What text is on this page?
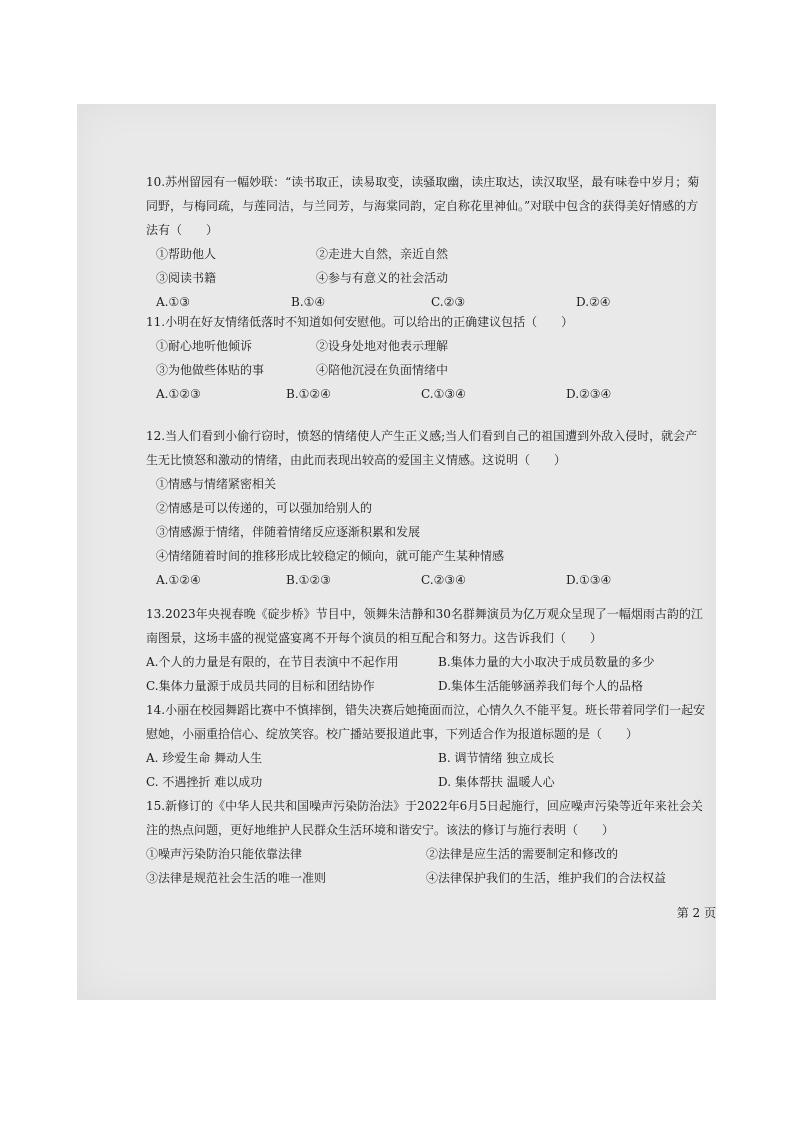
10.苏州留园有一幅妙联：“读书取正，读易取变，读骚取幽，读庄取达，读汉取坚，最有味卷中岁月；菊同野，与梅同疏，与莲同洁，与兰同芳，与海棠同韵，定自称花里神仙。”对联中包含的获得美好情感的方法有（　　）
①帮助他人	②走进大自然，亲近自然
③阅读书籍	④参与有意义的社会活动
A.①③	B.①④	C.②③	D.②④
11.小明在好友情绪低落时不知道如何安慰他。可以给出的正确建议包括（　　）
①耐心地听他倾诉	②设身处地对他表示理解
③为他做些体贴的事	④陪他沉浸在负面情绪中
A.①②③	B.①②④	C.①③④	D.②③④
12.当人们看到小偷行窃时，愤怒的情绪使人产生正义感;当人们看到自己的祖国遭到外敌入侵时，就会产生无比愤怒和激动的情绪，由此而表现出较高的爱国主义情感。这说明（　　）
①情感与情绪紧密相关
②情感是可以传递的，可以强加给别人的
③情感源于情绪，伴随着情绪反应逐渐积累和发展
④情绪随着时间的推移形成比较稳定的倾向，就可能产生某种情感
A.①②④	B.①②③	C.②③④	D.①③④
13.2023年央视春晚《碇步桥》节目中，领舞朱洁静和30名群舞演员为亿万观众呈现了一幅烟雨古韵的江南图景，这场丰盛的视觉盛宴离不开每个演员的相互配合和努力。这告诉我们（　　）
A.个人的力量是有限的，在节目表演中不起作用	B.集体力量的大小取决于成员数量的多少
C.集体力量源于成员共同的目标和团结协作	D.集体生活能够涵养我们每个人的品格
14.小丽在校园舞蹈比赛中不慎摔倒，错失决赛后她掩面而泣，心情久久不能平复。班长带着同学们一起安慰她，小丽重拾信心、绽放笑容。校广播站要报道此事，下列适合作为报道标题的是（　　）
A. 珍爱生命 舞动人生	B. 调节情绪 独立成长
C. 不遇挫折 难以成功	D. 集体帮扶 温暖人心
15.新修订的《中华人民共和国噪声污染防治法》于2022年6月5日起施行，回应噪声污染等近年来社会关注的热点问题，更好地维护人民群众生活环境和谐安宁。该法的修订与施行表明（　　）
①噪声污染防治只能依靠法律	②法律是应生活的需要制定和修改的
③法律是规范社会生活的唯一准则	④法律保护我们的生活，维护我们的合法权益
第 2 页
